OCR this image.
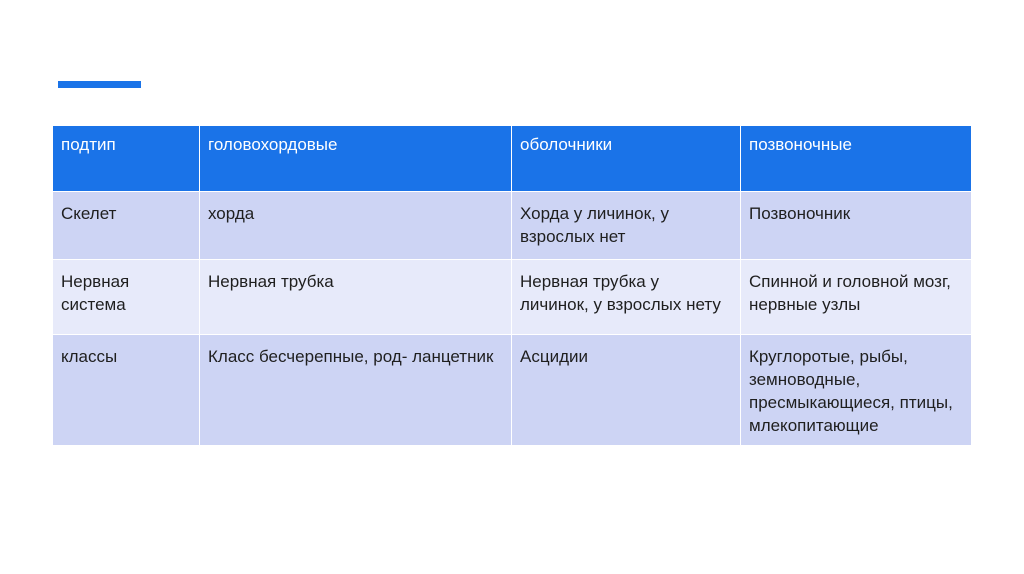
подтип	головохордовые	оболочники	позвоночные
Скелет	хорда	Хорда у личинок, у взрослых нет	Позвоночник
Нервная система	Нервная трубка	Нервная трубка у личинок, у взрослых нету	Спинной и головной мозг, нервные узлы
классы	Класс бесчерепные, род- ланцетник	Асцидии	Круглоротые, рыбы, земноводные, пресмыкающиеся, птицы, млекопитающие
